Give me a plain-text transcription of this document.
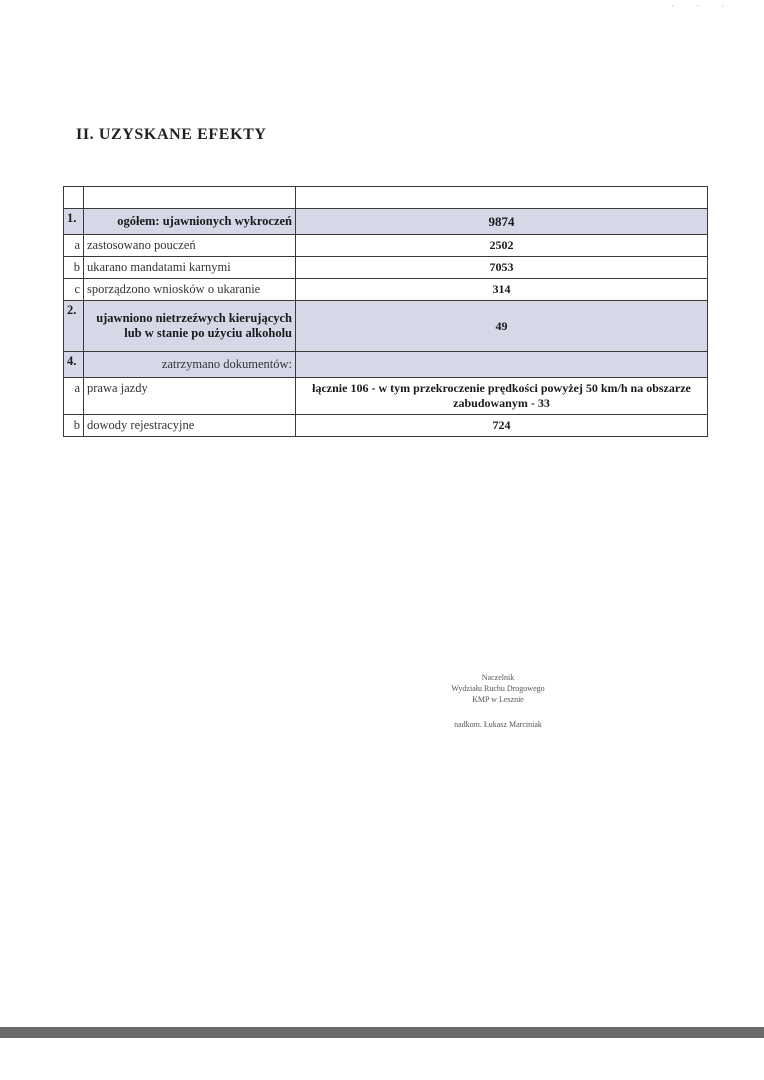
· · ·
II. UZYSKANE EFEKTY

1.	ogółem: ujawnionych wykroczeń	9874
a	zastosowano pouczeń	2502
b	ukarano mandatami karnymi	7053
c	sporządzono wniosków o ukaranie	314
2.	ujawniono nietrzeźwych kierujących lub w stanie po użyciu alkoholu	49
4.	zatrzymano dokumentów:	
a	prawa jazdy	łącznie 106 - w tym przekroczenie prędkości powyżej 50 km/h na obszarze zabudowanym - 33
b	dowody rejestracyjne	724
Naczelnik
Wydziału Ruchu Drogowego
KMP w Lesznie
nadkom. Łukasz Marciniak
